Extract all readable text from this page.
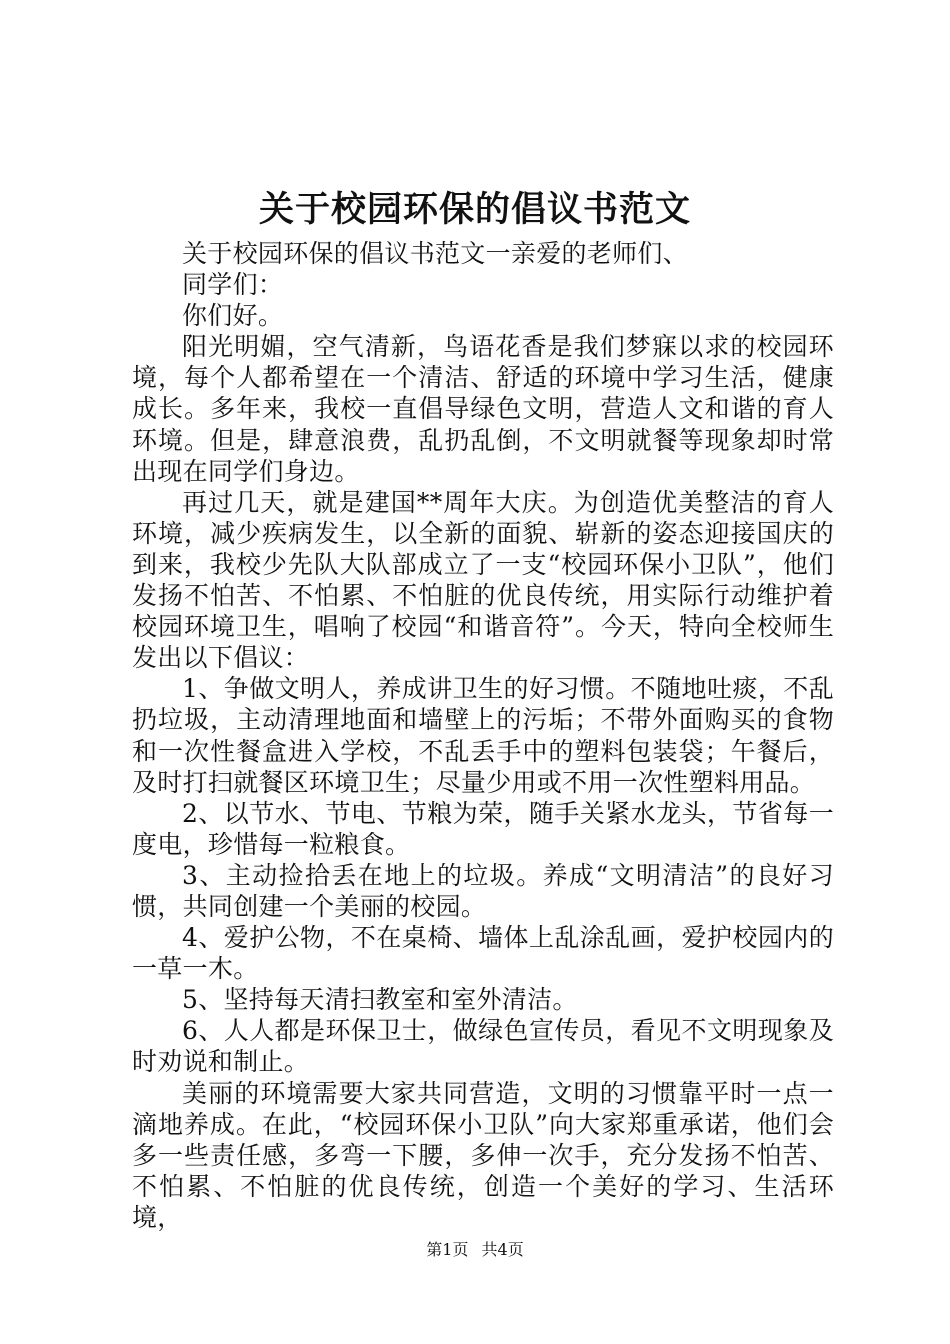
关于校园环保的倡议书范文

关于校园环保的倡议书范文一亲爱的老师们、

同学们：

你们好。

阳光明媚，空气清新，鸟语花香是我们梦寐以求的校园环境，每个人都希望在一个清洁、舒适的环境中学习生活，健康成长。多年来，我校一直倡导绿色文明，营造人文和谐的育人环境。但是，肆意浪费，乱扔乱倒，不文明就餐等现象却时常出现在同学们身边。

再过几天，就是建国**周年大庆。为创造优美整洁的育人环境，减少疾病发生，以全新的面貌、崭新的姿态迎接国庆的到来，我校少先队大队部成立了一支“校园环保小卫队”，他们发扬不怕苦、不怕累、不怕脏的优良传统，用实际行动维护着校园环境卫生，唱响了校园“和谐音符”。今天，特向全校师生发出以下倡议：

1、争做文明人，养成讲卫生的好习惯。不随地吐痰，不乱扔垃圾，主动清理地面和墙壁上的污垢；不带外面购买的食物和一次性餐盒进入学校，不乱丢手中的塑料包装袋；午餐后，及时打扫就餐区环境卫生；尽量少用或不用一次性塑料用品。

2、以节水、节电、节粮为荣，随手关紧水龙头，节省每一度电，珍惜每一粒粮食。

3、主动捡拾丢在地上的垃圾。养成“文明清洁”的良好习惯，共同创建一个美丽的校园。

4、爱护公物，不在桌椅、墙体上乱涂乱画，爱护校园内的一草一木。

5、坚持每天清扫教室和室外清洁。

6、人人都是环保卫士，做绿色宣传员，看见不文明现象及时劝说和制止。

美丽的环境需要大家共同营造，文明的习惯靠平时一点一滴地养成。在此，“校园环保小卫队”向大家郑重承诺，他们会多一些责任感，多弯一下腰，多伸一次手，充分发扬不怕苦、不怕累、不怕脏的优良传统，创造一个美好的学习、生活环境，

第1页 共4页
